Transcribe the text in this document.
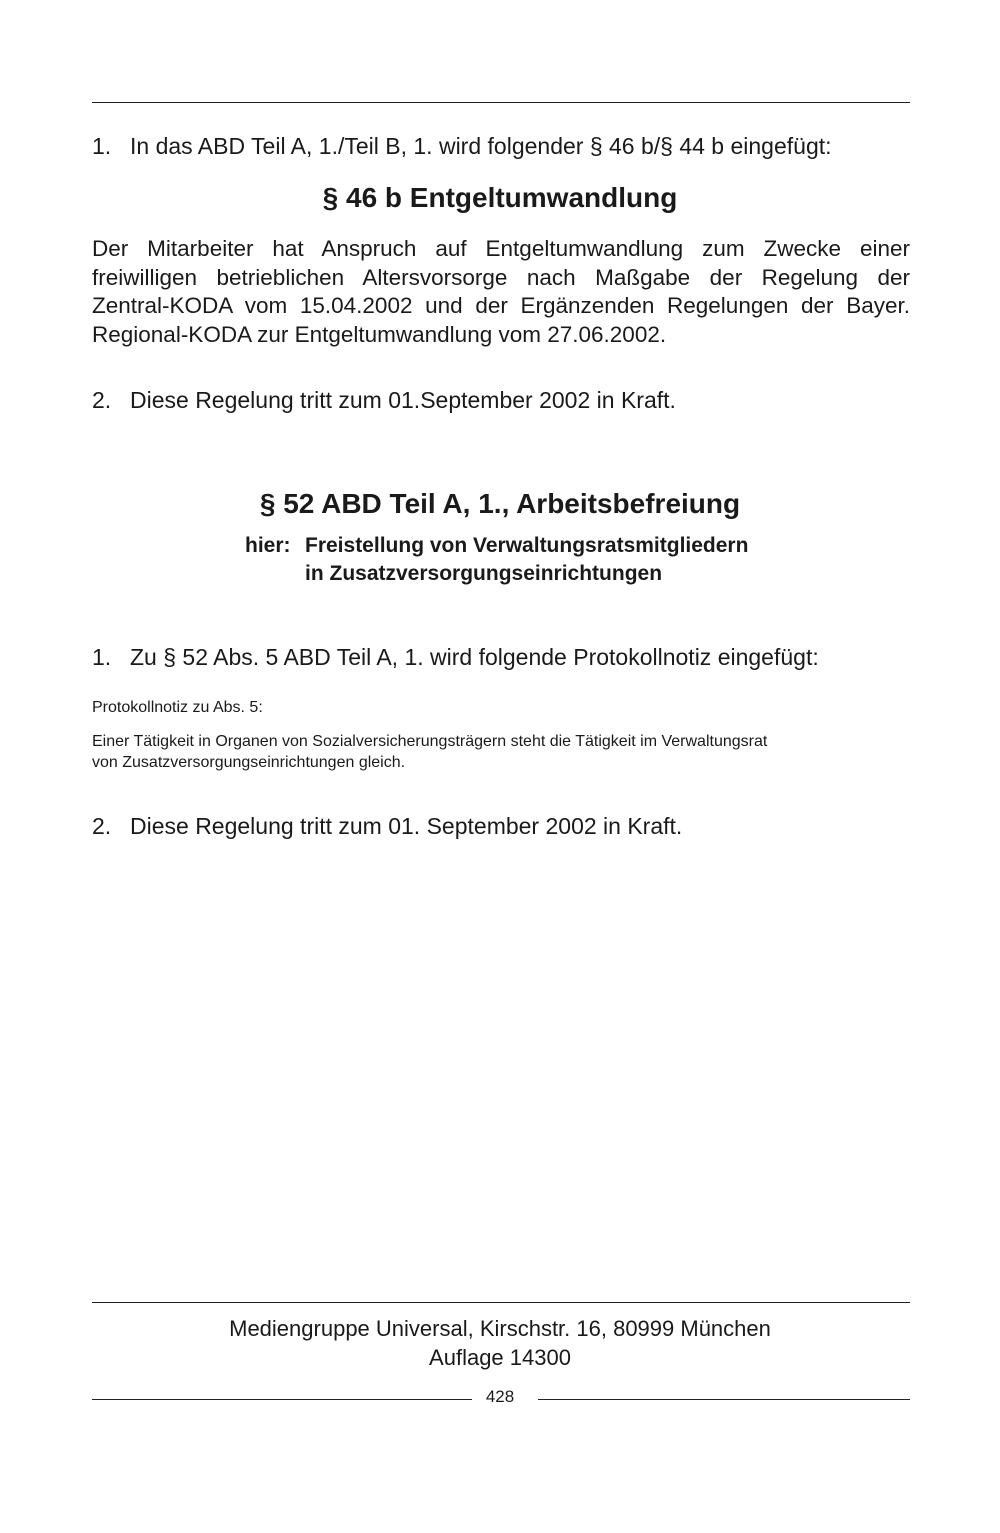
1. In das ABD Teil A, 1./Teil B, 1. wird folgender § 46 b/§ 44 b eingefügt:
§ 46 b Entgeltumwandlung
Der Mitarbeiter hat Anspruch auf Entgeltumwandlung zum Zwecke einer
freiwilligen betrieblichen Altersvorsorge nach Maßgabe der Regelung der
Zentral-KODA vom 15.04.2002 und der Ergänzenden Regelungen der Bayer.
Regional-KODA zur Entgeltumwandlung vom 27.06.2002.
2. Diese Regelung tritt zum 01.September 2002 in Kraft.
§ 52 ABD Teil A, 1., Arbeitsbefreiung
hier: Freistellung von Verwaltungsratsmitgliedern
in Zusatzversorgungseinrichtungen
1. Zu § 52 Abs. 5 ABD Teil A, 1. wird folgende Protokollnotiz eingefügt:
Protokollnotiz zu Abs. 5:
Einer Tätigkeit in Organen von Sozialversicherungsträgern steht die Tätigkeit im Verwaltungsrat
von Zusatzversorgungseinrichtungen gleich.
2. Diese Regelung tritt zum 01. September 2002 in Kraft.
Mediengruppe Universal, Kirschstr. 16, 80999 München
Auflage 14300
428
